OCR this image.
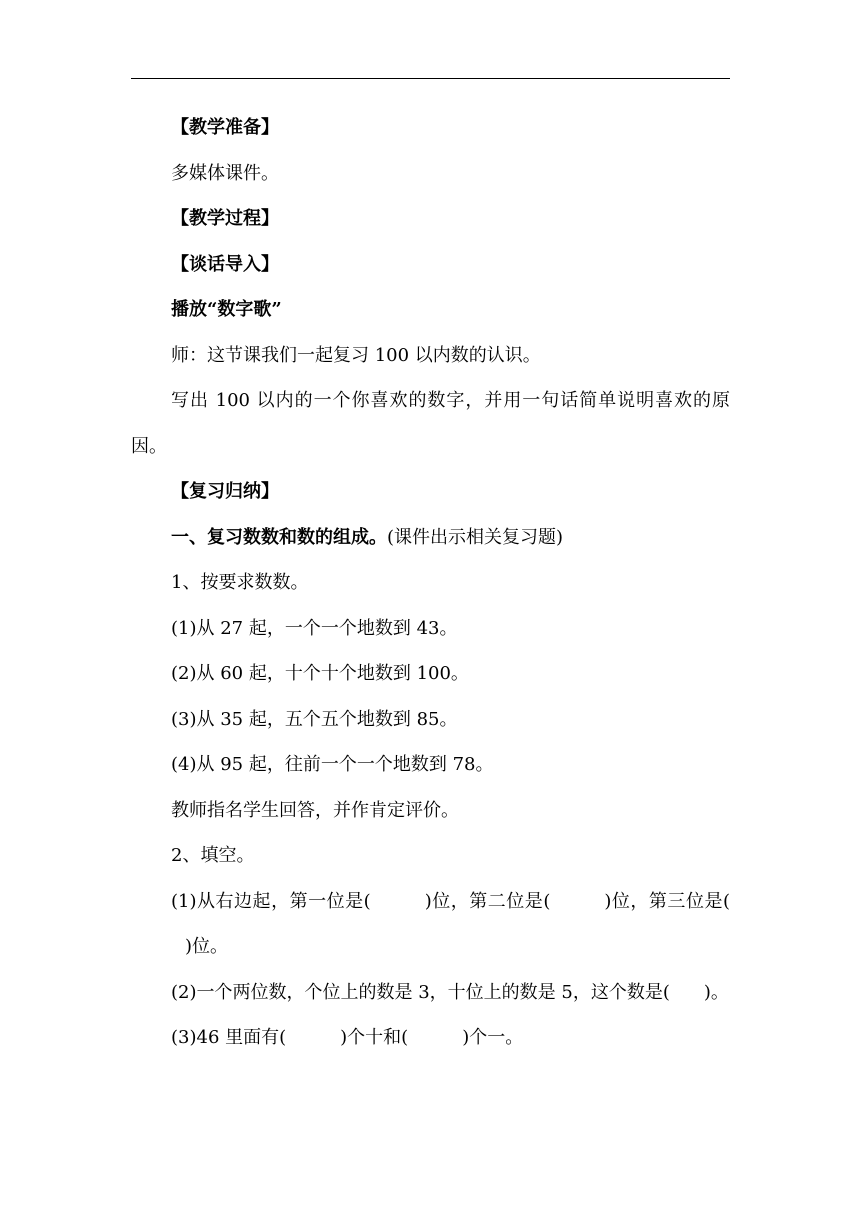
【教学准备】

多媒体课件。

【教学过程】

【谈话导入】

播放“数字歌”

师：这节课我们一起复习 100 以内数的认识。

写出 100 以内的一个你喜欢的数字，并用一句话简单说明喜欢的原因。

【复习归纳】

一、复习数数和数的组成。(课件出示相关复习题)

1、按要求数数。

(1)从 27 起，一个一个地数到 43。

(2)从 60 起，十个十个地数到 100。

(3)从 35 起，五个五个地数到 85。

(4)从 95 起，往前一个一个地数到 78。

教师指名学生回答，并作肯定评价。

2、填空。

(1)从右边起，第一位是(	)位，第二位是(	)位，第三位是()位。

(2)一个两位数，个位上的数是 3，十位上的数是 5，这个数是( )。

(3)46 里面有(	)个十和(	)个一。
